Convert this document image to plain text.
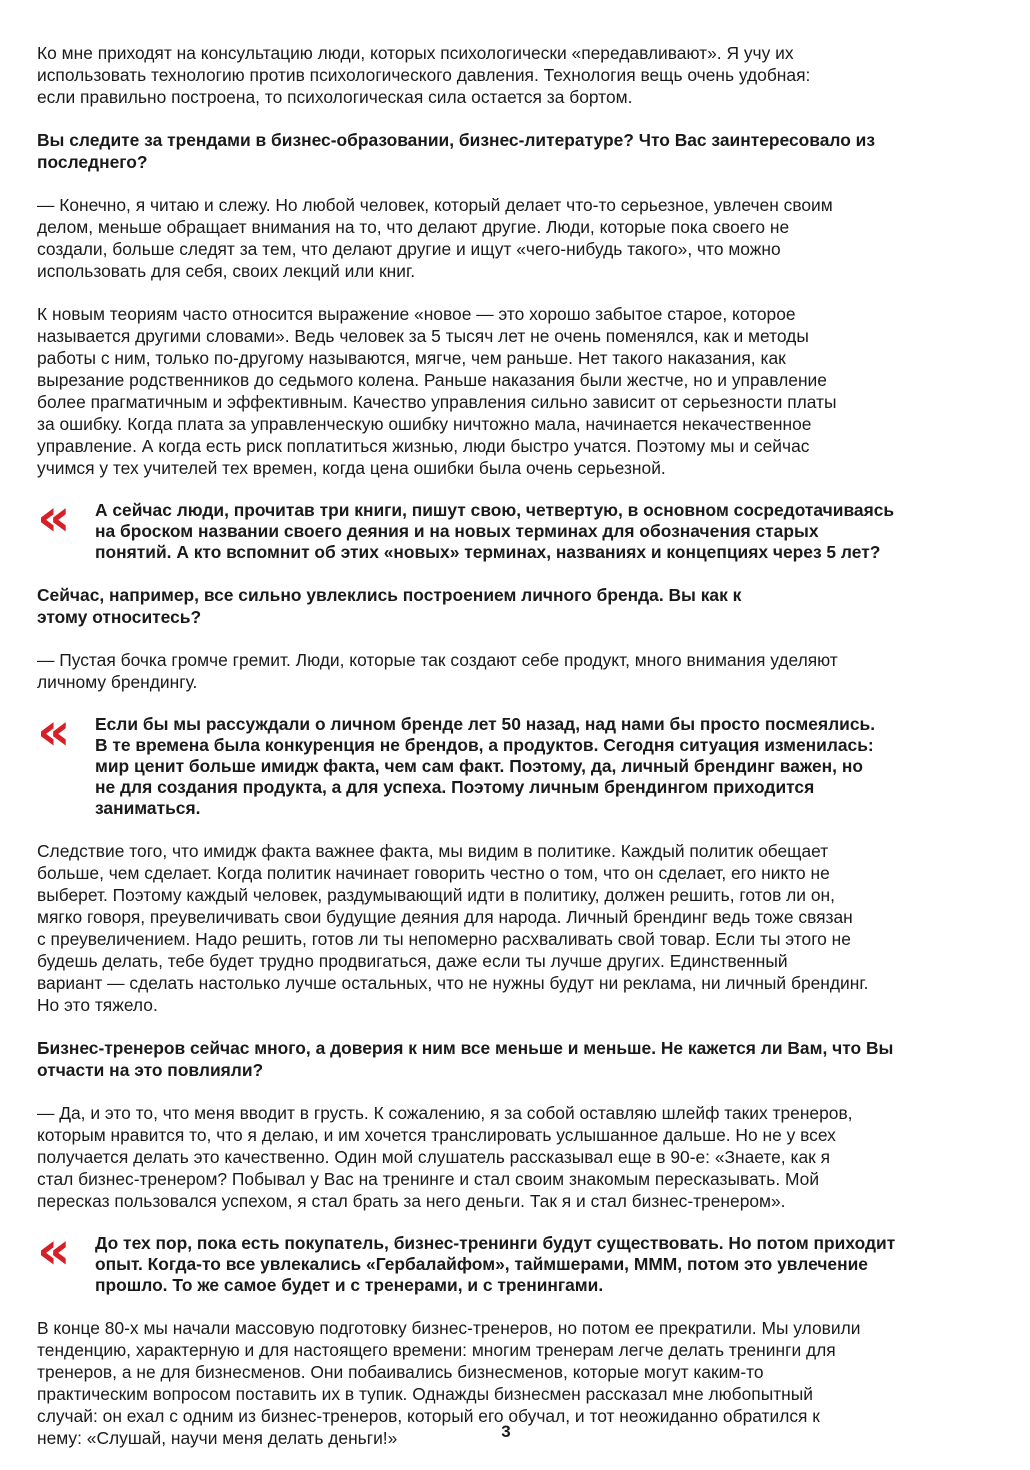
Ко мне приходят на консультацию люди, которых психологически «передавливают». Я учу их
использовать технологию против психологического давления. Технология вещь очень удобная:
если правильно построена, то психологическая сила остается за бортом.

Вы следите за трендами в бизнес-образовании, бизнес-литературе? Что Вас заинтересовало из
последнего?

— Конечно, я читаю и слежу. Но любой человек, который делает что-то серьезное, увлечен своим
делом, меньше обращает внимания на то, что делают другие. Люди, которые пока своего не
создали, больше следят за тем, что делают другие и ищут «чего-нибудь такого», что можно
использовать для себя, своих лекций или книг.

К новым теориям часто относится выражение «новое — это хорошо забытое старое, которое
называется другими словами». Ведь человек за 5 тысяч лет не очень поменялся, как и методы
работы с ним, только по-другому называются, мягче, чем раньше. Нет такого наказания, как
вырезание родственников до седьмого колена. Раньше наказания были жестче, но и управление
более прагматичным и эффективным. Качество управления сильно зависит от серьезности платы
за ошибку. Когда плата за управленческую ошибку ничтожно мала, начинается некачественное
управление. А когда есть риск поплатиться жизнью, люди быстро учатся. Поэтому мы и сейчас
учимся у тех учителей тех времен, когда цена ошибки была очень серьезной.

« А сейчас люди, прочитав три книги, пишут свою, четвертую, в основном сосредотачиваясь
на броском названии своего деяния и на новых терминах для обозначения старых
понятий. А кто вспомнит об этих «новых» терминах, названиях и концепциях через 5 лет?

Сейчас, например, все сильно увлеклись построением личного бренда. Вы как к
этому относитесь?

— Пустая бочка громче гремит. Люди, которые так создают себе продукт, много внимания уделяют
личному брендингу.

« Если бы мы рассуждали о личном бренде лет 50 назад, над нами бы просто посмеялись.
В те времена была конкуренция не брендов, а продуктов. Сегодня ситуация изменилась:
мир ценит больше имидж факта, чем сам факт. Поэтому, да, личный брендинг важен, но
не для создания продукта, а для успеха. Поэтому личным брендингом приходится
заниматься.

Следствие того, что имидж факта важнее факта, мы видим в политике. Каждый политик обещает
больше, чем сделает. Когда политик начинает говорить честно о том, что он сделает, его никто не
выберет. Поэтому каждый человек, раздумывающий идти в политику, должен решить, готов ли он,
мягко говоря, преувеличивать свои будущие деяния для народа. Личный брендинг ведь тоже связан
с преувеличением. Надо решить, готов ли ты непомерно расхваливать свой товар. Если ты этого не
будешь делать, тебе будет трудно продвигаться, даже если ты лучше других. Единственный
вариант — сделать настолько лучше остальных, что не нужны будут ни реклама, ни личный брендинг.
Но это тяжело.

Бизнес-тренеров сейчас много, а доверия к ним все меньше и меньше. Не кажется ли Вам, что Вы
отчасти на это повлияли?

— Да, и это то, что меня вводит в грусть. К сожалению, я за собой оставляю шлейф таких тренеров,
которым нравится то, что я делаю, и им хочется транслировать услышанное дальше. Но не у всех
получается делать это качественно. Один мой слушатель рассказывал еще в 90-е: «Знаете, как я
стал бизнес-тренером? Побывал у Вас на тренинге и стал своим знакомым пересказывать. Мой
пересказ пользовался успехом, я стал брать за него деньги. Так я и стал бизнес-тренером».

« До тех пор, пока есть покупатель, бизнес-тренинги будут существовать. Но потом приходит
опыт. Когда-то все увлекались «Гербалайфом», таймшерами, МММ, потом это увлечение
прошло. То же самое будет и с тренерами, и с тренингами.

В конце 80-х мы начали массовую подготовку бизнес-тренеров, но потом ее прекратили. Мы уловили
тенденцию, характерную и для настоящего времени: многим тренерам легче делать тренинги для
тренеров, а не для бизнесменов. Они побаивались бизнесменов, которые могут каким-то
практическим вопросом поставить их в тупик. Однажды бизнесмен рассказал мне любопытный
случай: он ехал с одним из бизнес-тренеров, который его обучал, и тот неожиданно обратился к
нему: «Слушай, научи меня делать деньги!»	3
